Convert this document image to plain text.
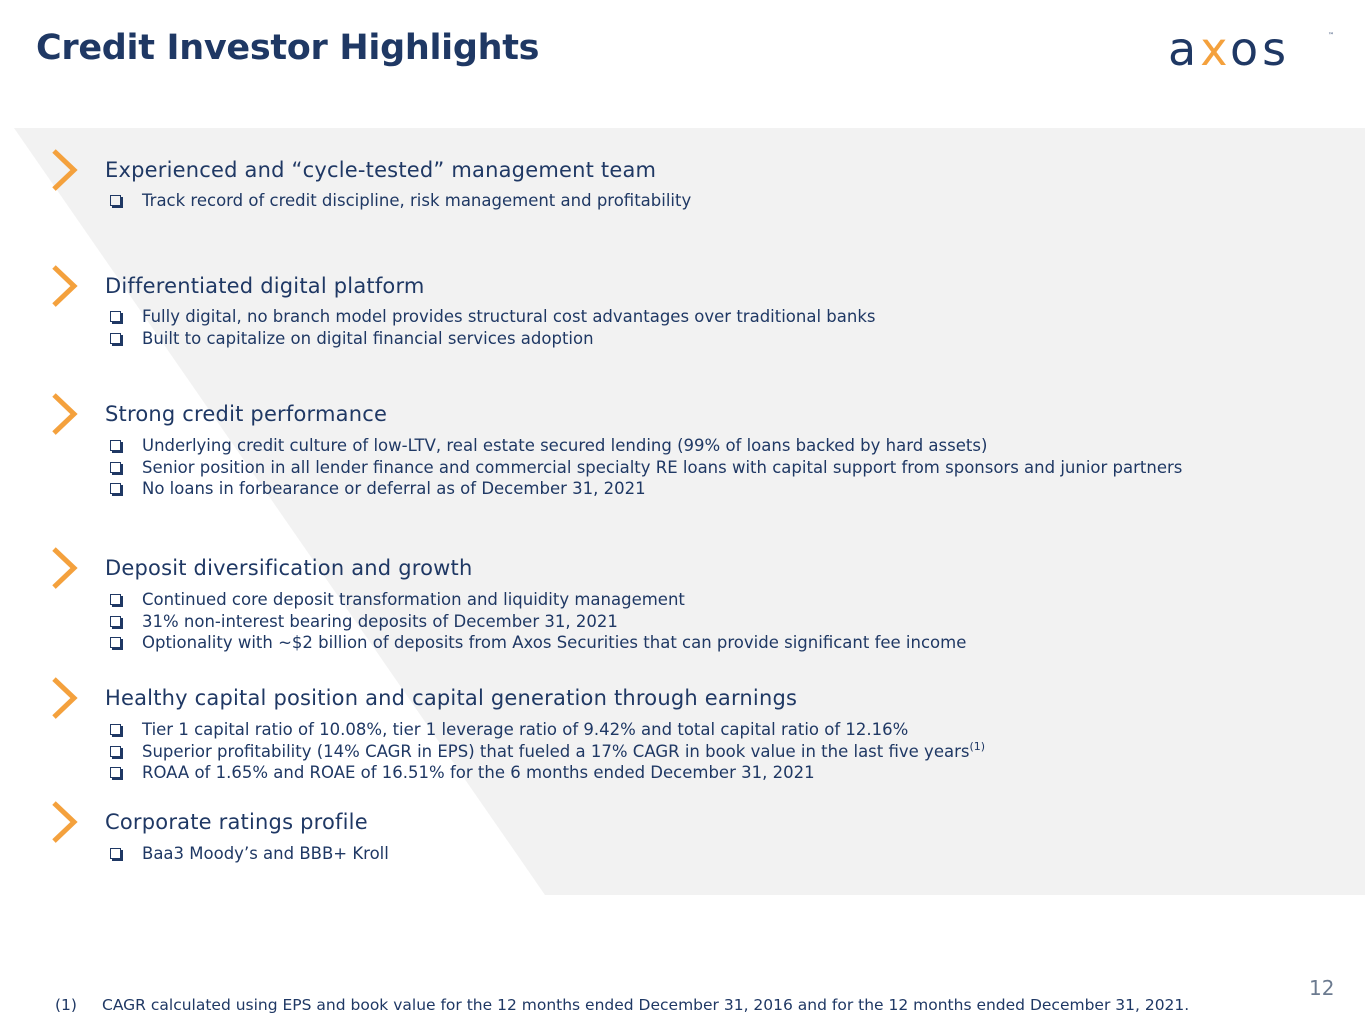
Credit Investor Highlights	axos	™
Experienced and “cycle-tested” management team
Track record of credit discipline, risk management and profitability
Differentiated digital platform
Fully digital, no branch model provides structural cost advantages over traditional banks
Built to capitalize on digital financial services adoption
Strong credit performance
Underlying credit culture of low-LTV, real estate secured lending (99% of loans backed by hard assets)
Senior position in all lender finance and commercial specialty RE loans with capital support from sponsors and junior partners
No loans in forbearance or deferral as of December 31, 2021
Deposit diversification and growth
Continued core deposit transformation and liquidity management
31% non-interest bearing deposits of December 31, 2021
Optionality with ~$2 billion of deposits from Axos Securities that can provide significant fee income
Healthy capital position and capital generation through earnings
Tier 1 capital ratio of 10.08%, tier 1 leverage ratio of 9.42% and total capital ratio of 12.16%
Superior profitability (14% CAGR in EPS) that fueled a 17% CAGR in book value in the last five years$^{(1)}$
ROAA of 1.65% and ROAE of 16.51% for the 6 months ended December 31, 2021
Corporate ratings profile
Baa3 Moody’s and BBB+ Kroll
12
(1) CAGR calculated using EPS and book value for the 12 months ended December 31, 2016 and for the 12 months ended December 31, 2021.
